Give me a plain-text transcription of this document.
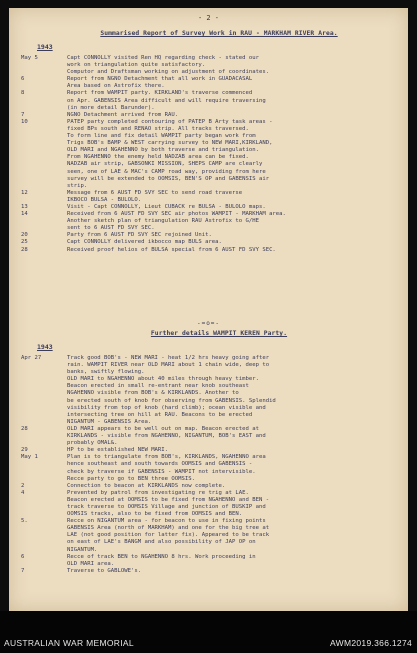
- 2 -
Summarised Report of Survey Work in RAU - MARKHAM RIVER Area.
1943
May 5	Capt CONNOLLY visited Ren HQ regarding check - stated our
work on triangulation quite satisfactory.
Computor and Draftsman working on adjustment of coordinates.
6	Report from NGNO Detachment that all work in GUADACASAL
Area based on Astrofix there.
8	Report from WAMPIT party. KIRKLAND's traverse commenced
on Apr. GABENSIS Area difficult and will require traversing
(in more detail Barunder).
7	NGNO Detachment arrived from RAU.
10	PATEP party completed contouring of PATEP B Arty task areas -
fixed BPs south and RENAO strip. All tracks traversed.
To form line and fix detail WAMPIT party began work from
Trigs BOB's BAMP & WEST carrying survey to NEW MARI,KIRKLAND,
OLD MARI and NGAHENNO by both traverse and triangulation.
From NGAHENNO the enemy held NADZAB area can be fixed.
NADZAB air strip, GABSONKI MISSION, SHEPS CAMP are clearly
seen, one of LAE & MAC's CAMP road way, providing from here
survey will be extended to OOMSIS, BEN'S OP and GABENSIS air
strip.
12	Message from 6 AUST FD SVY SEC to send road traverse
IKBOCO BULSA - BULOLO.
13	Visit - Capt CONNOLLY, Lieut CUBACK re BULSA - BULOLO maps.
14	Received from 6 AUST FD SVY SEC air photos WAMPIT - MARKHAM area.
Another sketch plan of triangulation RAU Astrofix to G/HE
sent to 6 AUST FD SVY SEC.
20	Party from 6 AUST FD SVY SEC rejoined Unit.
25	Capt CONNOLLY delivered ikbocco map BULS area.
28	Received proof helios of BULSA special from 6 AUST FD SVY SEC.
-=o=-
Further details WAMPIT KEREN Party.
1943
Apr 27	Track good BOB's - NEW MARI - heat 1/2 hrs heavy going after
rain. WAMPIT RIVER near OLD MARI about 1 chain wide, deep to
banks, swiftly flowing.
OLD MARI to NGAHENNO about 40 miles through heavy timber.
Beacon erected in small re-entrant near knob southeast
NGAHENNO visible from BOB's & KIRKLANDS. Another to
be erected south of knob for observing from GABENSIS. Splendid
visibility from top of knob (hard climb); ocean visible and
intersecting tree on hill at RAU. Beacons to be erected
NIGANTUM - GABENSIS Area.
28	OLD MARI appears to be well out on map. Beacon erected at
KIRKLANDS - visible from NGAHENNO, NIGANTUM, BOB's EAST and
probably OMAL&.
29	HP to be established NEW MARI.
May 1	Plan is to triangulate from BOB's, KIRKLANDS, NGAHENNO area
hence southeast and south towards OOMSIS and GABENSIS -
check by traverse if GABENSIS - WAMPIT not intervisible.
Recce party to go to BEN three OOMSIS.
2	Connection to beacon at KIRKLANDS now complete.
4	Prevented by patrol from investigating re trig at LAE.
Beacon erected at OOMSIS to be fixed from NGAHENNO and BEN -
track traverse to OOMSIS Village and junction of BUSKIP and
OOMSIS tracks, also to be fixed from OOMSIS and BEN.
5.	Recce on NIGANTUM area - for beacon to use in fixing points
GABENSIS Area (north of MARKHAM) and one for the big tree at
LAE (not good position for latter fix). Appeared to be track
on east of LAE's BANGM and also possibility of JAP OP on
NIGANTUM.
6	Recce of track BEN to NGAHENNO 8 hrs. Work proceeding in
OLD MARI area.
7	Traverse to GABLOWE's.
AUSTRALIAN WAR MEMORIAL	AWM2019.366.1274
